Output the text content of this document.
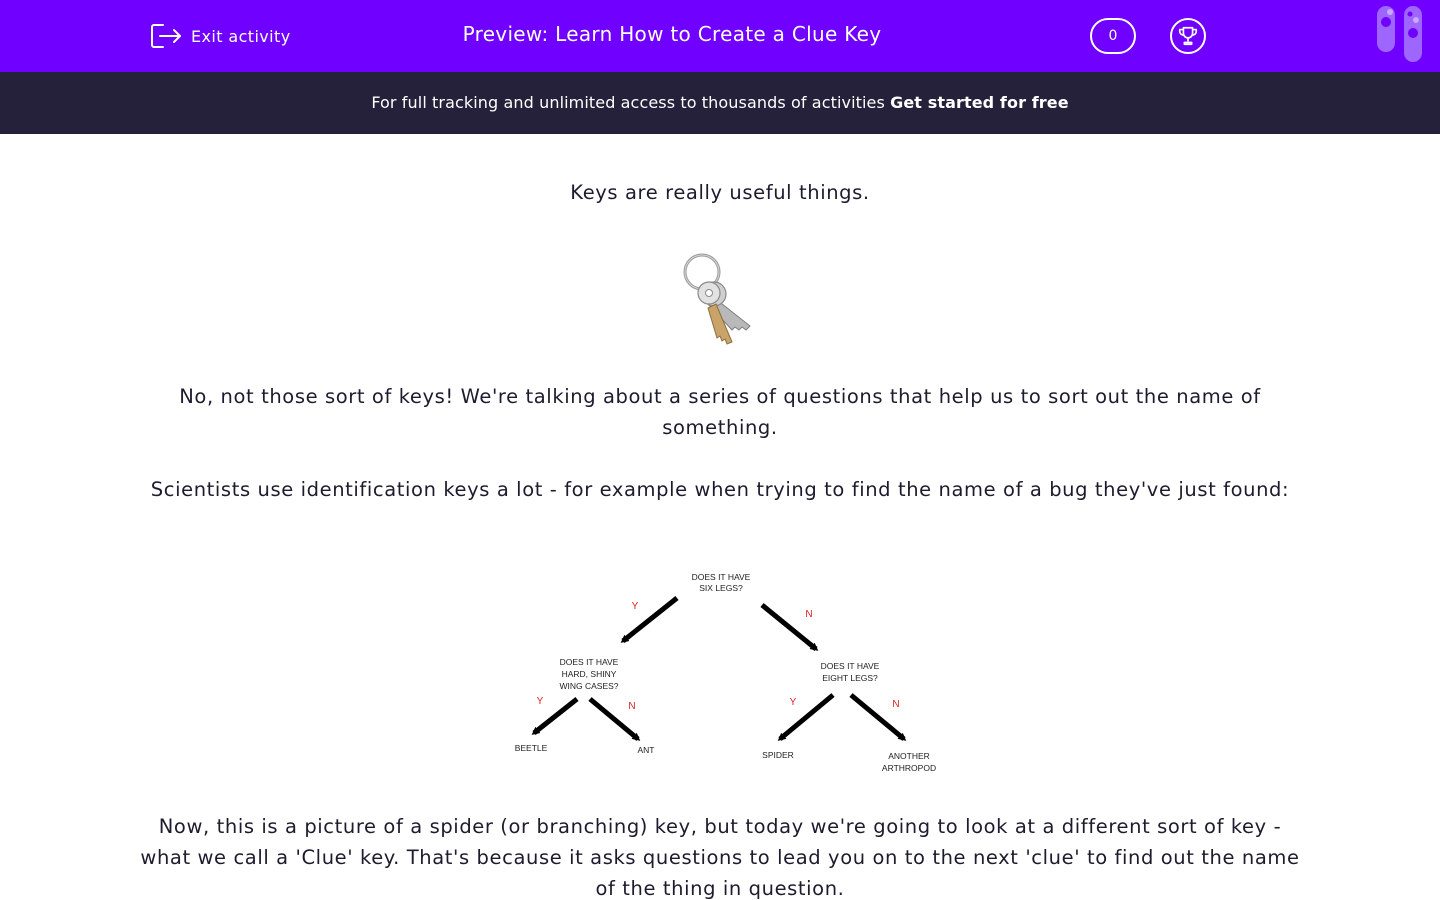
Exit activity	Preview: Learn How to Create a Clue Key	0
For full tracking and unlimited access to thousands of activities Get started for free
Keys are really useful things.
No, not those sort of keys! We're talking about a series of questions that help us to sort out the name of something.
Scientists use identification keys a lot - for example when trying to find the name of a bug they've just found:
DOES IT HAVE
SIX LEGS?
Y
N
DOES IT HAVE
HARD, SHINY
WING CASES?
DOES IT HAVE
EIGHT LEGS?
Y	N	Y	N
BEETLE	ANT	SPIDER	ANOTHER
ARTHROPOD
Now, this is a picture of a spider (or branching) key, but today we're going to look at a different sort of key - what we call a 'Clue' key. That's because it asks questions to lead you on to the next 'clue' to find out the name of the thing in question.
